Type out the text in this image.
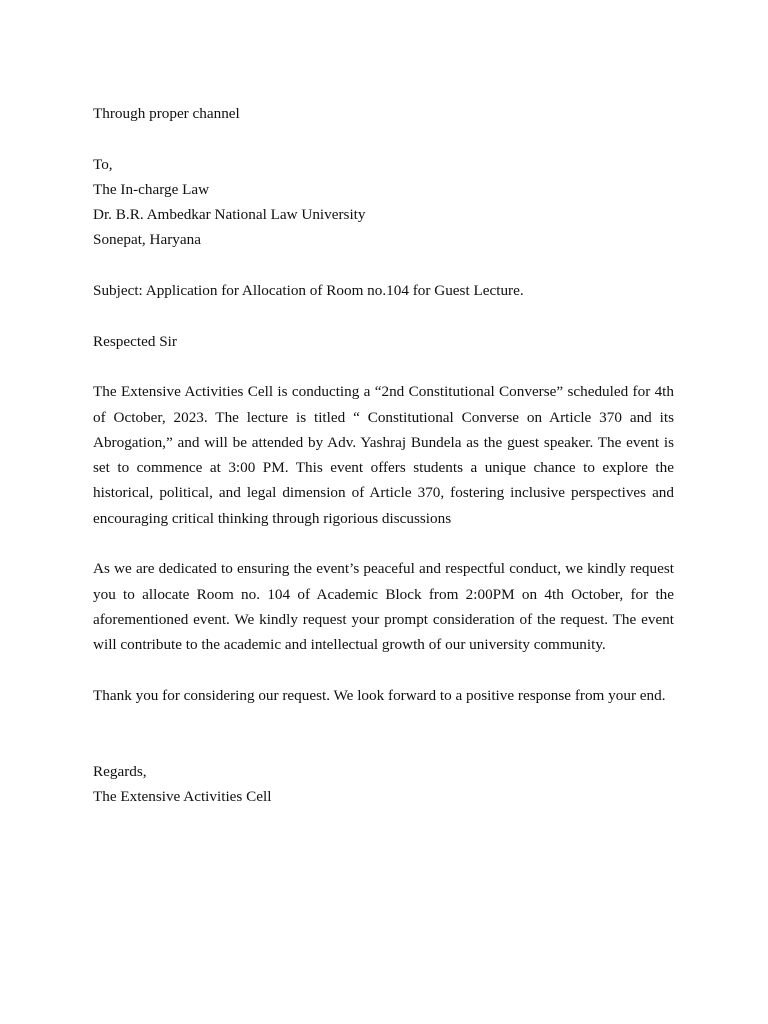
Through proper channel

To,

The In-charge Law

Dr. B.R. Ambedkar National Law University

Sonepat, Haryana

Subject: Application for Allocation of Room no.104 for Guest Lecture.

Respected Sir

The Extensive Activities Cell is conducting a “2nd Constitutional Converse” scheduled for 4th of October, 2023. The lecture is titled “ Constitutional Converse on Article 370 and its Abrogation,” and will be attended by Adv. Yashraj Bundela as the guest speaker. The event is set to commence at 3:00 PM. This event offers students a unique chance to explore the historical, political, and legal dimension of Article 370, fostering inclusive perspectives and encouraging critical thinking through rigorious discussions

As we are dedicated to ensuring the event’s peaceful and respectful conduct, we kindly request you to allocate Room no. 104 of Academic Block from 2:00PM on 4th October, for the aforementioned event. We kindly request your prompt consideration of the request. The event will contribute to the academic and intellectual growth of our university community.

Thank you for considering our request. We look forward to a positive response from your end.

Regards,

The Extensive Activities Cell
